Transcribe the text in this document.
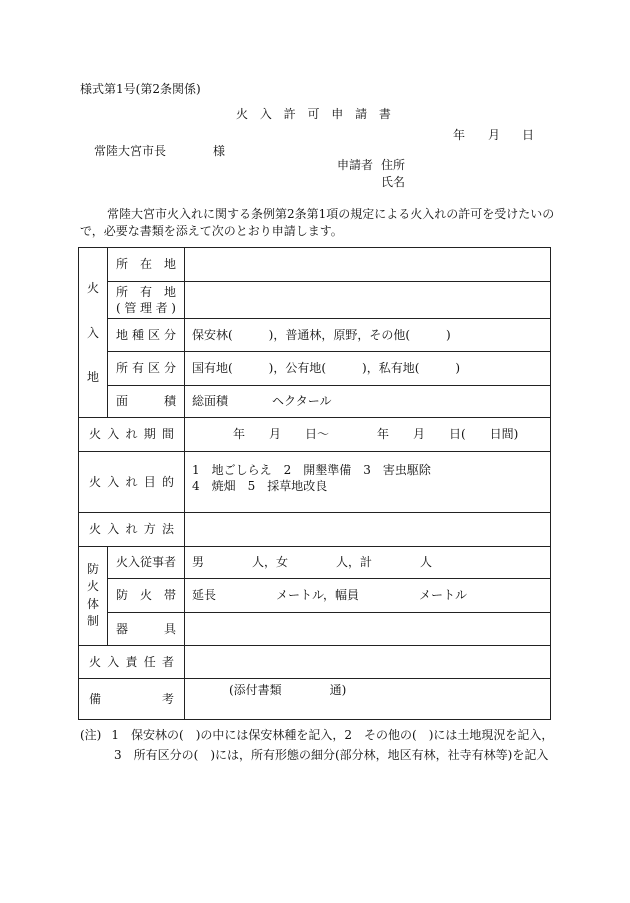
様式第1号(第2条関係)
火 入 許 可 申 請 書
年 月 日
常陸大宮市長	様
申請者 住所
氏名
常陸大宮市火入れに関する条例第2条第1項の規定による火入れの許可を受けたいの
で，必要な書類を添えて次のとおり申請します。
火
入
地	所在地	

	所有地
(管理者)	

	地種区分	保安林(　　　)，普通林，原野，その他(　　　)
	所有区分	国有地(　　　)，公有地(　　　)，私有地(　　　)
	面積	総面積 ヘクタール
火入れ期間		年　　月　　日～　　　　年　　月　　日(　　日間)
火入れ目的		1　地ごしらえ　2　開墾準備　3　害虫駆除
4　焼畑　5　採草地改良

火入れ方法		

防
火
体
制	火入従事者	男　　　　人，女　　　　人，計　　　　人
	防火帯	延長　　　　　メートル，幅員　　　　　メートル
	器具	
火入責任者		
備考		(添付書類　　　　通)
(注) 1　保安林の(　)の中には保安林種を記入，2　その他の(　)には土地現況を記入，
3　所有区分の(　)には，所有形態の細分(部分林，地区有林，社寺有林等)を記入
